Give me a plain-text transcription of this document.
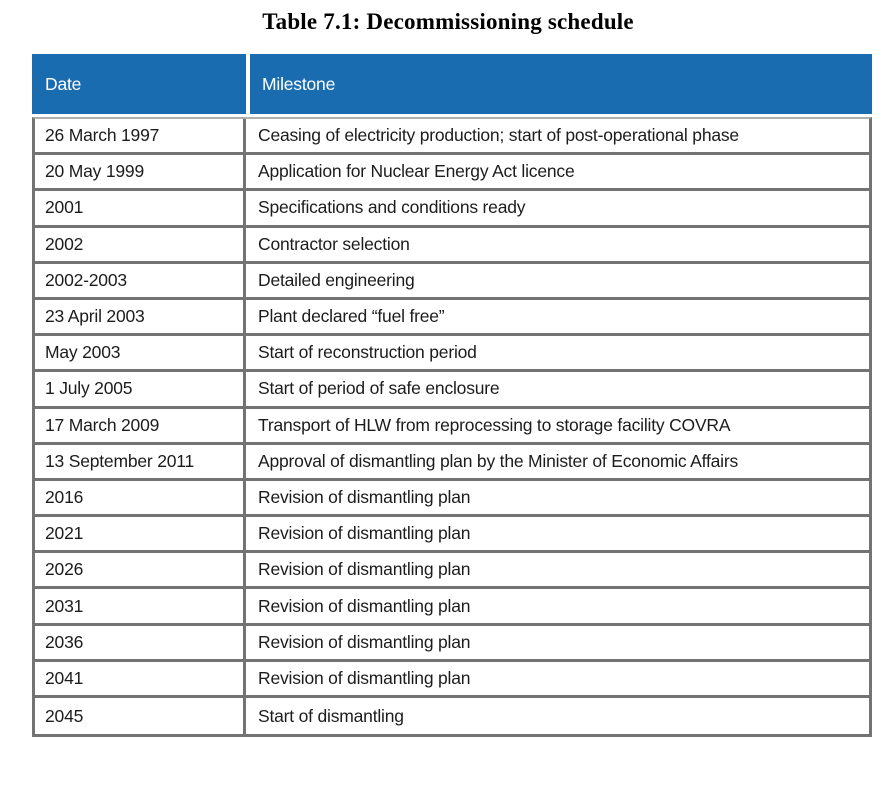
Table 7.1: Decommissioning schedule
Date	Milestone
26 March 1997	Ceasing of electricity production; start of post-operational phase
20 May 1999	Application for Nuclear Energy Act licence
2001	Specifications and conditions ready
2002	Contractor selection
2002-2003	Detailed engineering
23 April 2003	Plant declared “fuel free”
May 2003	Start of reconstruction period
1 July 2005	Start of period of safe enclosure
17 March 2009	Transport of HLW from reprocessing to storage facility COVRA
13 September 2011	Approval of dismantling plan by the Minister of Economic Affairs
2016	Revision of dismantling plan
2021	Revision of dismantling plan
2026	Revision of dismantling plan
2031	Revision of dismantling plan
2036	Revision of dismantling plan
2041	Revision of dismantling plan
2045	Start of dismantling
